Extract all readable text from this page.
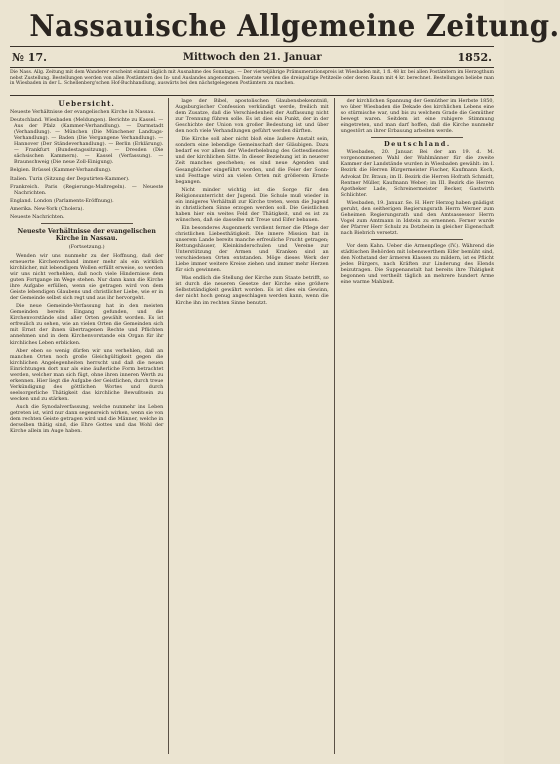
Nassauische Allgemeine Zeitung.
№ 17.	Mittwoch den 21. Januar	1852.
Die Nass. Allg. Zeitung mit dem Wanderer erscheint einmal täglich mit Ausnahme des Sonntags. — Der vierteljährige Prämumerationspreis ist Wiesbaden mit, 1 fl. 48 kr. bei allen Postämtern im Herzogthum nebst Zustellung. Bestellungen werden von allen Postämtern des In- und Auslandes angenommen. Inserate werden die dreispaltige Petitzeile oder deren Raum mit 4 kr. berechnet. Bestellungen beliebe man in Wiesbaden in der L. Schellenberg'schen Hof-Buchhandlung, auswärts bei den nächstgelegenen Postämtern zu machen.
Uebersicht.

Neueste Verhältnisse der evangelischen Kirche in Nassau.

Deutschland. Wiesbaden (Meldungen). Berichte zu Kassel. — Aus der Pfalz (Kammer-Verhandlung). — Darmstadt (Verhandlung). — München (Die Münchener Landtags-Verhandlung). — Baden (Die Vergangene Verhandlung). — Hannover (Der Ständeverhandlung). — Berlin (Erklärung). — Frankfurt (Bundestagssitzung). — Dresden (Die sächsischen Kammern). — Kassel (Verfassung). — Braunschweig (Die neue Zoll-Einigung).

Belgien. Brüssel (Kammer-Verhandlung).

Italien. Turin (Sitzung der Deputirten-Kammer).

Frankreich. Paris (Regierungs-Maßregeln). — Neueste Nachrichten.

England. London (Parlaments-Eröffnung).

Amerika. New-York (Cholera).

Neueste Nachrichten.

Neueste Verhältnisse der evangelischen Kirche in Nassau.
(Fortsetzung.)

Wenden wir uns nunmehr zu der Hoffnung, daß der erneuerte Kirchenverband immer mehr als ein wirklich kirchlicher, mit lebendigem Wollen erfüllt erweise, so werden wir uns nicht verhehlen, daß noch viele Hindernisse dem guten Fortgange im Wege stehen. Nur dann kann die Kirche ihre Aufgabe erfüllen, wenn sie getragen wird von dem Geiste lebendigen Glaubens und christlicher Liebe, wie er in der Gemeinde selbst sich regt und aus ihr hervorgeht.

Die neue Gemeinde-Verfassung hat in den meisten Gemeinden bereits Eingang gefunden, und die Kirchenvorstände sind aller Orten gewählt worden. Es ist erfreulich zu sehen, wie an vielen Orten die Gemeinden sich mit Ernst der ihnen übertragenen Rechte und Pflichten annehmen und in dem Kirchenvorstande ein Organ für ihr kirchliches Leben erblicken.

Aber eben so wenig dürfen wir uns verhehlen, daß an manchen Orten noch große Gleichgültigkeit gegen die kirchlichen Angelegenheiten herrscht und daß die neuen Einrichtungen dort nur als eine äußerliche Form betrachtet werden, welcher man sich fügt, ohne ihren inneren Werth zu erkennen. Hier liegt die Aufgabe der Geistlichen, durch treue Verkündigung des göttlichen Wortes und durch seelsorgerliche Thätigkeit das kirchliche Bewußtsein zu wecken und zu stärken.

Auch die Synodalverfassung, welche nunmehr ins Leben getreten ist, wird nur dann segensreich wirken, wenn sie von dem rechten Geiste getragen wird und die Männer, welche in derselben thätig sind, die Ehre Gottes und das Wohl der Kirche allein im Auge haben.

lage der Bibel, apostolischen Glaubensbekenntniß, Augsburgischer Confession verkündigt werde, freilich mit dem Zusatze, daß die Verschiedenheit der Auffassung nicht zur Trennung führen solle. Es ist dies ein Punkt, der in der Geschichte der Union von großer Bedeutung ist und über den noch viele Verhandlungen geführt werden dürften.

Die Kirche soll aber nicht bloß eine äußere Anstalt sein, sondern eine lebendige Gemeinschaft der Gläubigen. Dazu bedarf es vor allem der Wiederbelebung des Gottesdienstes und der kirchlichen Sitte. In dieser Beziehung ist in neuerer Zeit manches geschehen; es sind neue Agenden und Gesangbücher eingeführt worden, und die Feier der Sonn- und Festtage wird an vielen Orten mit größerem Ernste begangen.

Nicht minder wichtig ist die Sorge für den Religionsunterricht der Jugend. Die Schule muß wieder in ein innigeres Verhältniß zur Kirche treten, wenn die Jugend in christlichem Sinne erzogen werden soll. Die Geistlichen haben hier ein weites Feld der Thätigkeit, und es ist zu wünschen, daß sie dasselbe mit Treue und Eifer bebauen.

Ein besonderes Augenmerk verdient ferner die Pflege der christlichen Liebesthätigkeit. Die innere Mission hat in unserem Lande bereits manche erfreuliche Frucht getragen; Rettungshäuser, Kleinkinderschulen und Vereine zur Unterstützung der Armen und Kranken sind an verschiedenen Orten entstanden. Möge dieses Werk der Liebe immer weitere Kreise ziehen und immer mehr Herzen für sich gewinnen.

Was endlich die Stellung der Kirche zum Staate betrifft, so ist durch die neueren Gesetze der Kirche eine größere Selbstständigkeit gewährt worden. Es ist dies ein Gewinn, der nicht hoch genug angeschlagen werden kann, wenn die Kirche ihn im rechten Sinne benutzt.

der kirchlichen Spannung der Gemüther im Herbste 1850, wo über Wiesbaden die Dekade des kirchlichen Lebens eine so stürmische war, und bis zu welchem Grade die Gemüther bewegt waren. Seitdem ist eine ruhigere Stimmung eingetreten, und man darf hoffen, daß die Kirche nunmehr ungestört an ihrer Erbauung arbeiten werde.

Deutschland.

Wiesbaden, 20. Januar. Bei der am 19. d. M. vorgenommenen Wahl der Wahlmänner für die zweite Kammer der Landstände wurden in Wiesbaden gewählt: im I. Bezirk die Herren Bürgermeister Fischer, Kaufmann Koch, Advokat Dr. Braun; im II. Bezirk die Herren Hofrath Schmidt, Rentner Müller, Kaufmann Weber; im III. Bezirk die Herren Apotheker Lade, Schreinermeister Becker, Gastwirth Schlichter.

Wiesbaden, 19. Januar. Se. H. Herr Herzog haben gnädigst geruht, den seitherigen Regierungsrath Herrn Werner zum Geheimen Regierungsrath und den Amtsassessor Herrn Vogel zum Amtmann in Idstein zu ernennen. Ferner wurde der Pfarrer Herr Schulz zu Dotzheim in gleicher Eigenschaft nach Biebrich versetzt.

Vor dem Kahn. Ueber die Armenpflege (IV.). Während die städtischen Behörden mit lobenswerthem Eifer bemüht sind, den Nothstand der ärmeren Klassen zu mildern, ist es Pflicht jedes Bürgers, nach Kräften zur Linderung des Elends beizutragen. Die Suppenanstalt hat bereits ihre Thätigkeit begonnen und vertheilt täglich an mehrere hundert Arme eine warme Mahlzeit.
